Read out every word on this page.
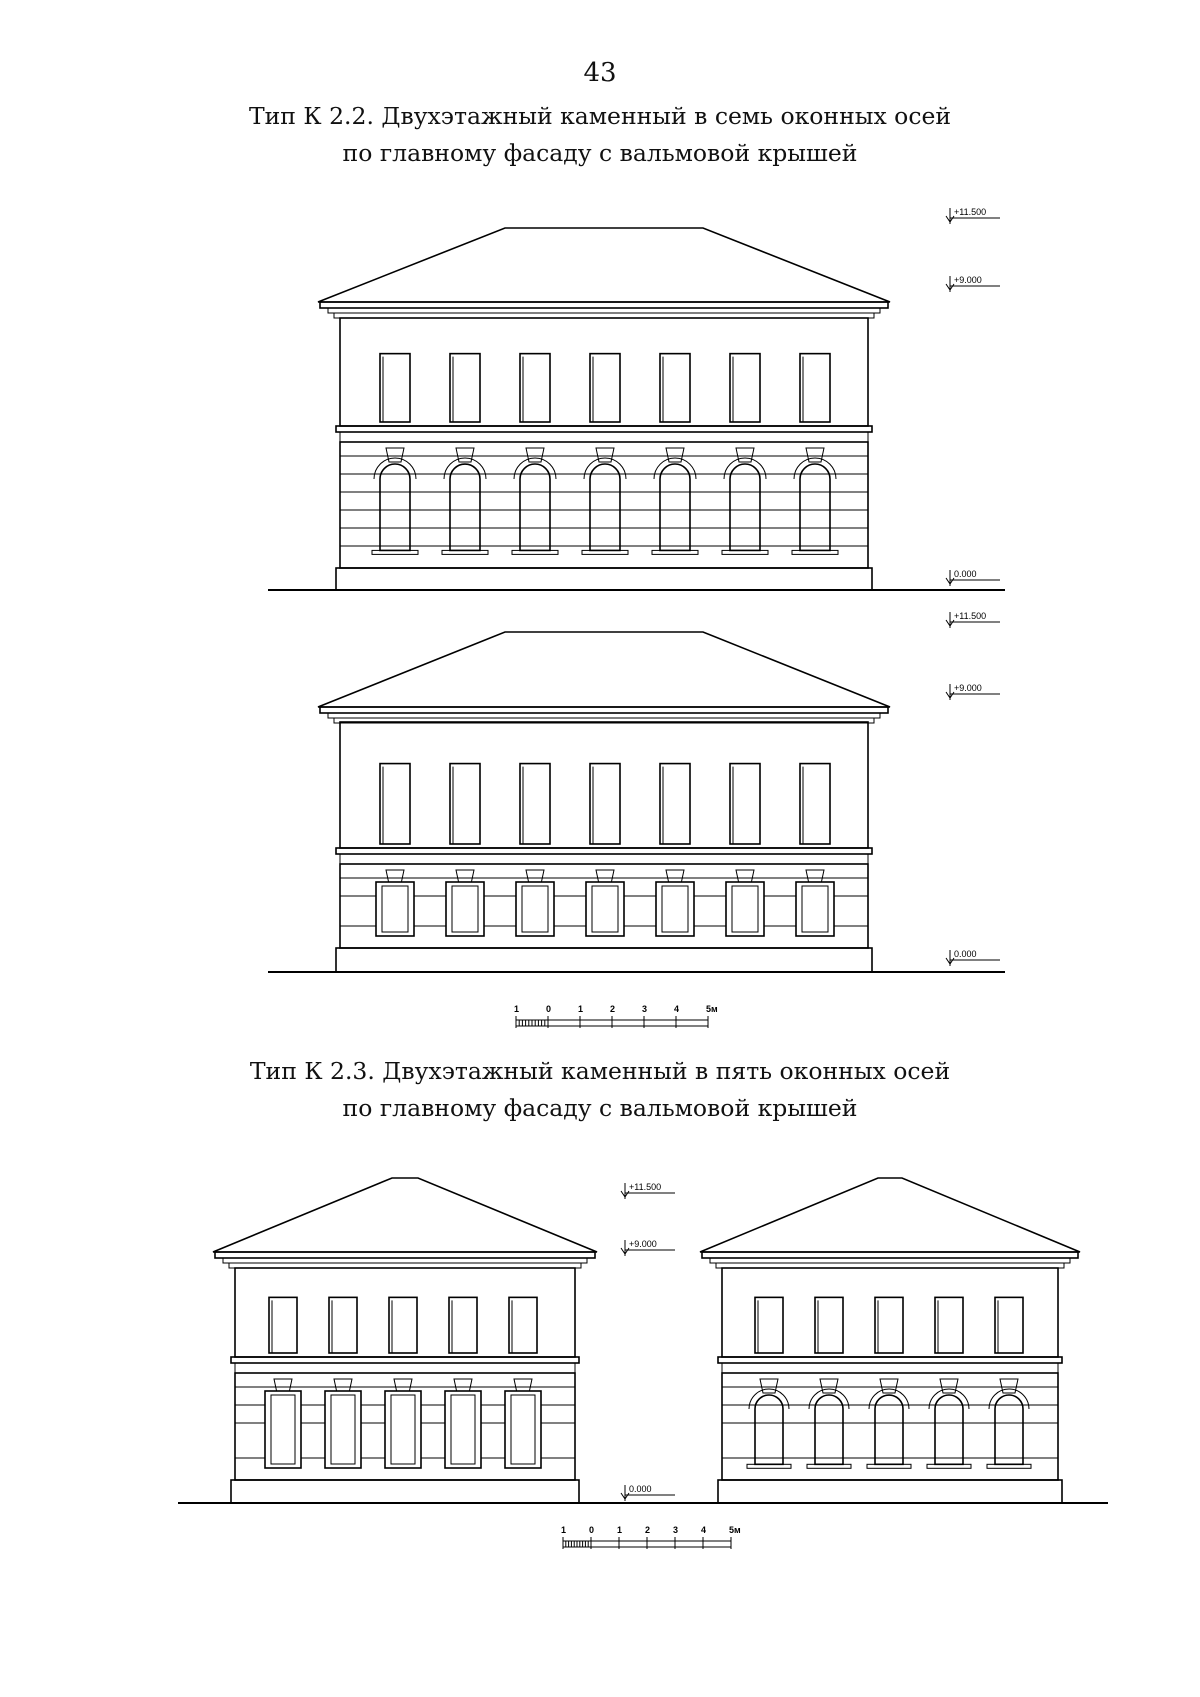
43
Тип К 2.2. Двухэтажный каменный в семь оконных осей
по главному фасаду с вальмовой крышей
Тип К 2.3. Двухэтажный каменный в пять оконных осей
по главному фасаду с вальмовой крышей
+11.500
+9.000
0.000
+11.500
+9.000
0.000
1	0	1	2	3	4	5м
+11.500
+9.000
0.000
1	0	1	2	3	4	5м
